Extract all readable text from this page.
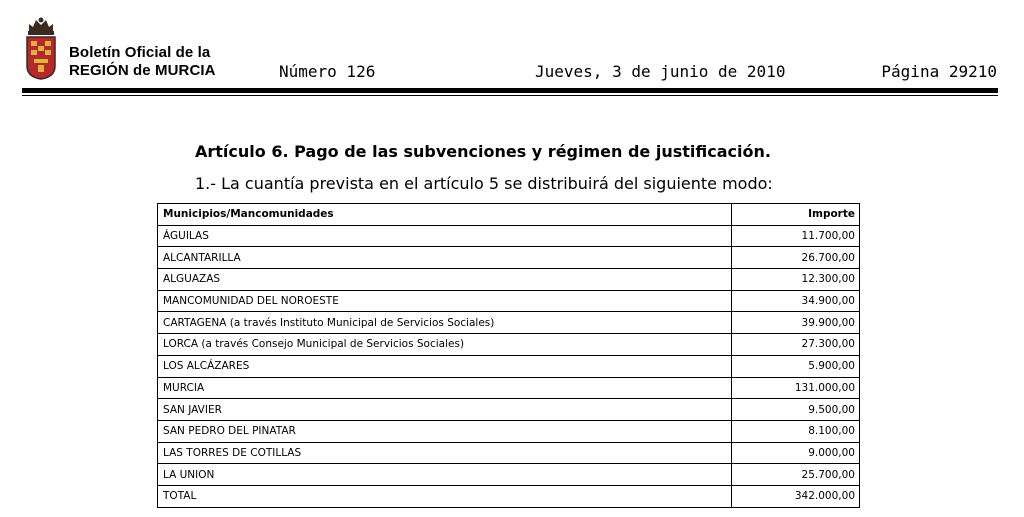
Boletín Oficial de la
REGIÓN de MURCIA	Número 126	Jueves, 3 de junio de 2010	Página 29210
Artículo 6. Pago de las subvenciones y régimen de justificación.
1.- La cuantía prevista en el artículo 5 se distribuirá del siguiente modo:
Municipios/Mancomunidades	Importe
ÁGUILAS	11.700,00
ALCANTARILLA	26.700,00
ALGUAZAS	12.300,00
MANCOMUNIDAD DEL NOROESTE	34.900,00
CARTAGENA (a través Instituto Municipal de Servicios Sociales)	39.900,00
LORCA (a través Consejo Municipal de Servicios Sociales)	27.300,00
LOS ALCÁZARES	5.900,00
MURCIA	131.000,00
SAN JAVIER	9.500,00
SAN PEDRO DEL PINATAR	8.100,00
LAS TORRES DE COTILLAS	9.000,00
LA UNION	25.700,00
TOTAL	342.000,00
